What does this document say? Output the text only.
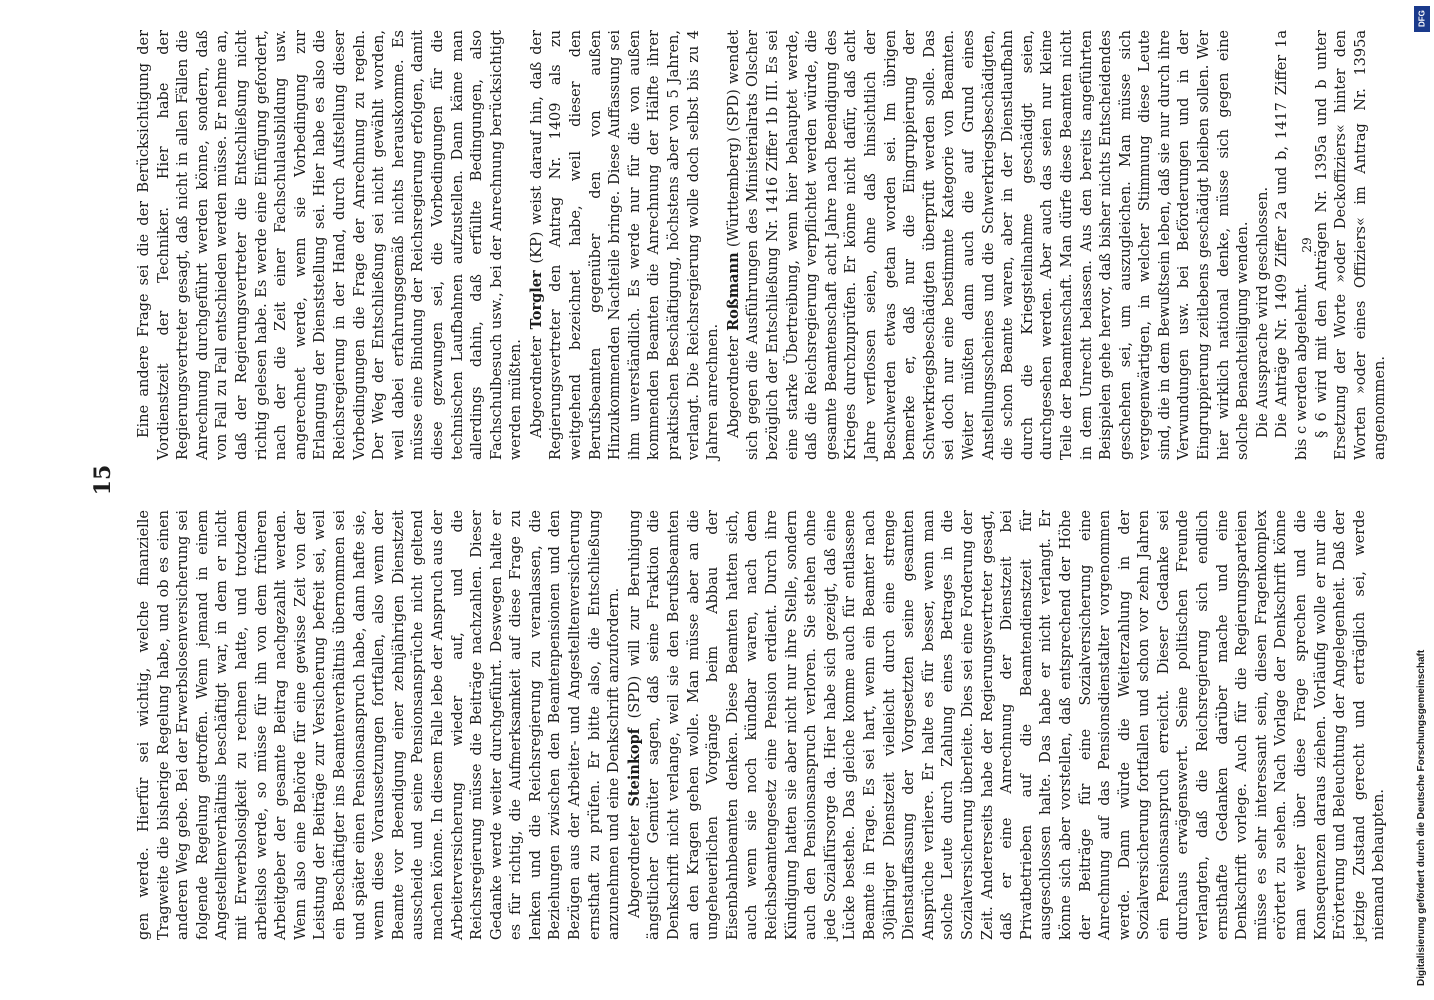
15

gen werde. Hierfür sei wichtig, welche finanzielle Tragweite die bisherige Regelung habe, und ob es einen anderen Weg gebe. Bei der Erwerbslosenversicherung sei folgende Regelung getroffen. Wenn jemand in einem Angestelltenverhältnis beschäftigt war, in dem er nicht mit Erwerbslosigkeit zu rechnen hatte, und trotzdem arbeitslos werde, so müsse für ihn von dem früheren Arbeitgeber der gesamte Beitrag nachgezahlt werden. Wenn also eine Behörde für eine gewisse Zeit von der Leistung der Beiträge zur Versicherung befreit sei, weil ein Beschäftigter ins Beamtenverhältnis übernommen sei und später einen Pensionsanspruch habe, dann hafte sie, wenn diese Voraussetzungen fortfallen, also wenn der Beamte vor Beendigung einer zehnjährigen Dienstzeit ausscheide und seine Pensionsansprüche nicht geltend machen könne. In diesem Falle lebe der Anspruch aus der Arbeiterversicherung wieder auf, und die Reichsregierung müsse die Beiträge nachzahlen. Dieser Gedanke werde weiter durchgeführt. Deswegen halte er es für richtig, die Aufmerksamkeit auf diese Frage zu lenken und die Reichsregierung zu veranlassen, die Beziehungen zwischen den Beamtenpensionen und den Bezügen aus der Arbeiter- und Angestelltenversicherung ernsthaft zu prüfen. Er bitte also, die Entschließung anzunehmen und eine Denkschrift anzufordern. Abgeordneter Steinkopf (SPD) will zur Beruhigung ängstlicher Gemüter sagen, daß seine Fraktion die Denkschrift nicht verlange, weil sie den Berufsbeamten an den Kragen gehen wolle. Man müsse aber an die ungeheuerlichen Vorgänge beim Abbau der Eisenbahnbeamten denken. Diese Beamten hatten sich, auch wenn sie noch kündbar waren, nach dem Reichsbeamtengesetz eine Pension erdient. Durch ihre Kündigung hatten sie aber nicht nur ihre Stelle, sondern auch den Pensionsanspruch verloren. Sie stehen ohne jede Sozialfürsorge da. Hier habe sich gezeigt, daß eine Lücke bestehe. Das gleiche komme auch für entlassene Beamte in Frage. Es sei hart, wenn ein Beamter nach 30jähriger Dienstzeit vielleicht durch eine strenge Dienstauffassung der Vorgesetzten seine gesamten Ansprüche verliere. Er halte es für besser, wenn man solche Leute durch Zahlung eines Betrages in die Sozialversicherung überleite. Dies sei eine Forderung der Zeit. Andererseits habe der Regierungsvertreter gesagt, daß er eine Anrechnung der Dienstzeit bei Privatbetrieben auf die Beamtendienstzeit für ausgeschlossen halte. Das habe er nicht verlangt. Er könne sich aber vorstellen, daß entsprechend der Höhe der Beiträge für eine Sozialversicherung eine Anrechnung auf das Pensionsdienstalter vorgenommen werde. Dann würde die Weiterzahlung in der Sozialversicherung fortfallen und schon vor zehn Jahren ein Pensionsanspruch erreicht. Dieser Gedanke sei durchaus erwägenswert. Seine politischen Freunde verlangten, daß die Reichsregierung sich endlich ernsthafte Gedanken darüber mache und eine Denkschrift vorlege. Auch für die Regierungsparteien müsse es sehr interessant sein, diesen Fragenkomplex erörtert zu sehen. Nach Vorlage der Denkschrift könne man weiter über diese Frage sprechen und die Konsequenzen daraus ziehen. Vorläufig wolle er nur die Erörterung und Beleuchtung der Angelegenheit. Daß der jetzige Zustand gerecht und erträglich sei, werde niemand behaupten.

Eine andere Frage sei die der Berücksichtigung der Vordienstzeit der Techniker. Hier habe der Regierungsvertreter gesagt, daß nicht in allen Fällen die Anrechnung durchgeführt werden könne, sondern, daß von Fall zu Fall entschieden werden müsse. Er nehme an, daß der Regierungsvertreter die Entschließung nicht richtig gelesen habe. Es werde eine Einfügung gefordert, nach der die Zeit einer Fachschulausbildung usw. angerechnet werde, wenn sie Vorbedingung zur Erlangung der Dienststellung sei. Hier habe es also die Reichsregierung in der Hand, durch Aufstellung dieser Vorbedingungen die Frage der Anrechnung zu regeln. Der Weg der Entschließung sei nicht gewählt worden, weil dabei erfahrungsgemäß nichts herauskomme. Es müsse eine Bindung der Reichsregierung erfolgen, damit diese gezwungen sei, die Vorbedingungen für die technischen Laufbahnen aufzustellen. Dann käme man allerdings dahin, daß erfüllte Bedingungen, also Fachschulbesuch usw., bei der Anrechnung berücksichtigt werden müßten. Abgeordneter Torgler (KP) weist darauf hin, daß der Regierungsvertreter den Antrag Nr. 1409 als zu weitgehend bezeichnet habe, weil dieser den Berufsbeamten gegenüber den von außen Hinzukommenden Nachteile bringe. Diese Auffassung sei ihm unverständlich. Es werde nur für die von außen kommenden Beamten die Anrechnung der Hälfte ihrer praktischen Beschäftigung, höchstens aber von 5 Jahren, verlangt. Die Reichsregierung wolle doch selbst bis zu 4 Jahren anrechnen. Abgeordneter Roßmann (Württemberg) (SPD) wendet sich gegen die Ausführungen des Ministerialrats Olscher bezüglich der Entschließung Nr. 1416 Ziffer 1b III. Es sei eine starke Übertreibung, wenn hier behauptet werde, daß die Reichsregierung verpflichtet werden würde, die gesamte Beamtenschaft acht Jahre nach Beendigung des Krieges durchzuprüfen. Er könne nicht dafür, daß acht Jahre verflossen seien, ohne daß hinsichtlich der Beschwerden etwas getan worden sei. Im übrigen bemerke er, daß nur die Eingruppierung der Schwerkriegsbeschädigten überprüft werden solle. Das sei doch nur eine bestimmte Kategorie von Beamten. Weiter müßten dann auch die auf Grund eines Anstellungsscheines und die Schwerkriegsbeschädigten, die schon Beamte waren, aber in der Dienstlaufbahn durch die Kriegsteilnahme geschädigt seien, durchgesehen werden. Aber auch das seien nur kleine Teile der Beamtenschaft. Man dürfe diese Beamten nicht in dem Unrecht belassen. Aus den bereits angeführten Beispielen gehe hervor, daß bisher nichts Entscheidendes geschehen sei, um auszugleichen. Man müsse sich vergegenwärtigen, in welcher Stimmung diese Leute sind, die in dem Bewußtsein leben, daß sie nur durch ihre Verwundungen usw. bei Beförderungen und in der Eingruppierung zeitlebens geschädigt bleiben sollen. Wer hier wirklich national denke, müsse sich gegen eine solche Benachteiligung wenden. Die Aussprache wird geschlossen. Die Anträge Nr. 1409 Ziffer 2a und b, 1417 Ziffer 1a bis c werden abgelehnt. § 6 wird mit den Anträgen Nr. 1395a und b unter Ersetzung der Worte »oder Deckoffiziers« hinter den Worten »oder eines Offiziers« im Antrag Nr. 1395a angenommen.

29
Digitalisierung gefördert durch die Deutsche Forschungsgemeinschaft
DFG
